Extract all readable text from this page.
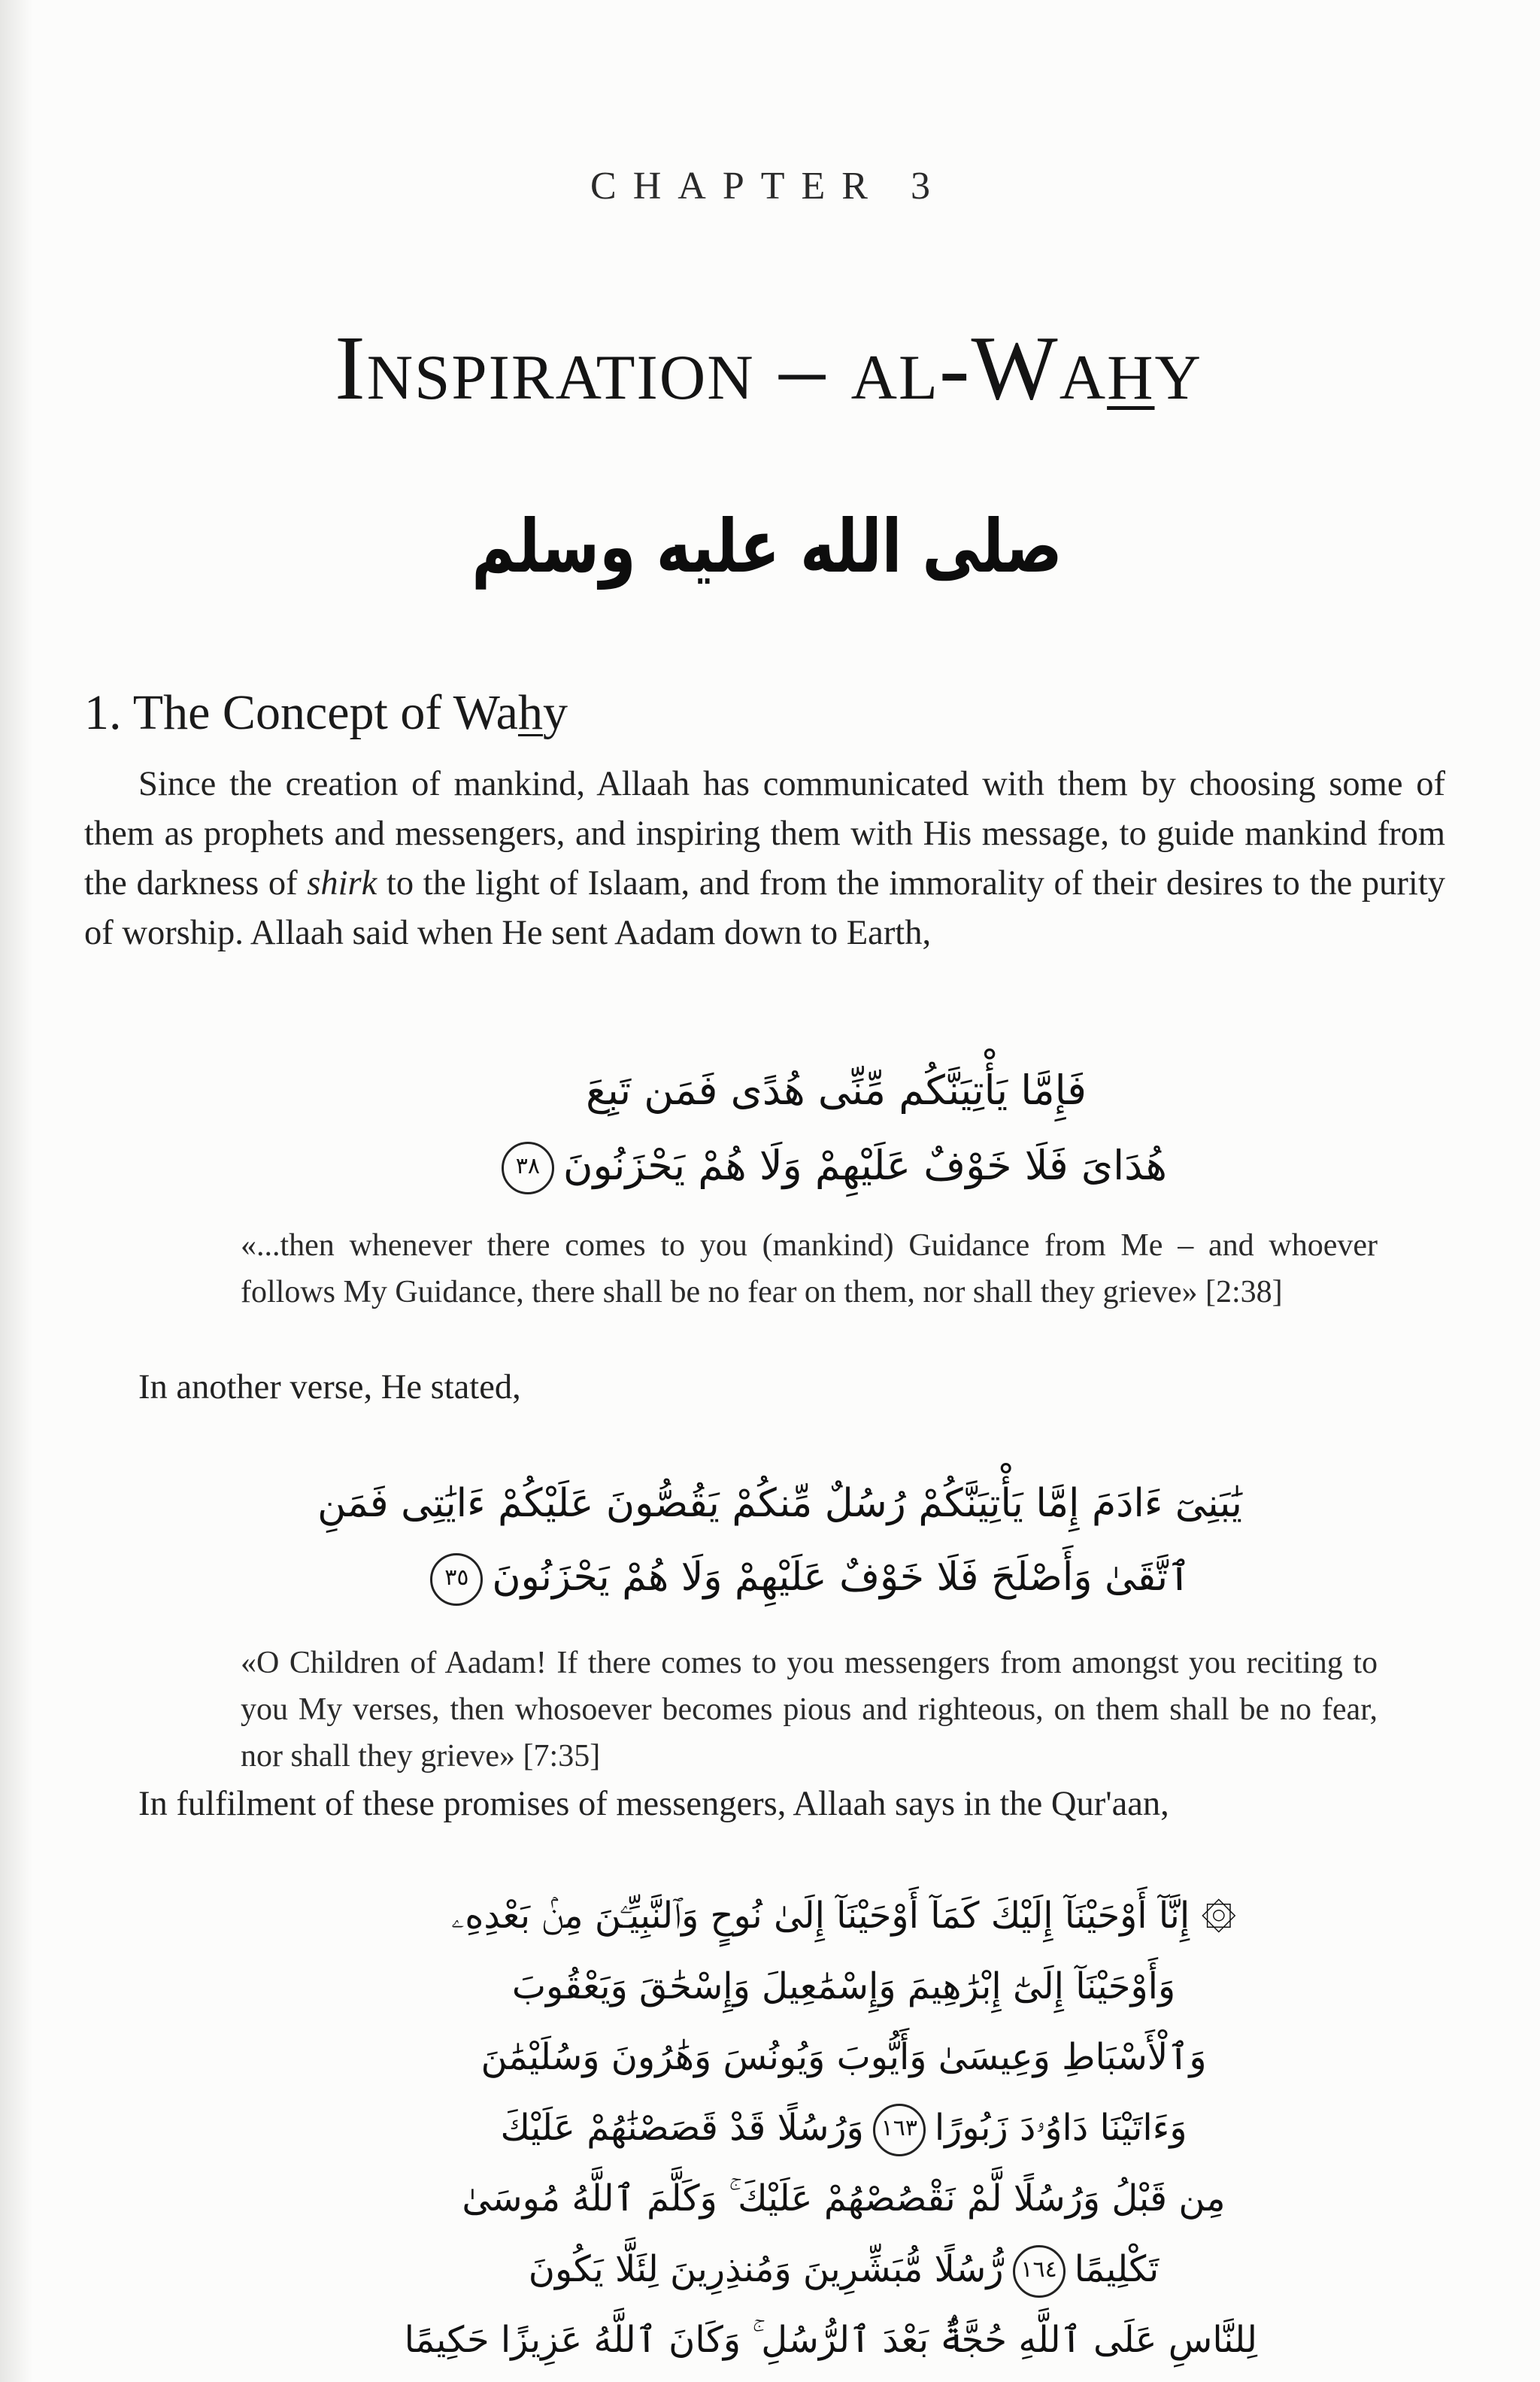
CHAPTER 3
Inspiration – al-Wahy
صلى الله عليه وسلم
1. The Concept of Wahy
Since the creation of mankind, Allaah has communicated with them by choosing some of them as prophets and messengers, and inspiring them with His message, to guide mankind from the darkness of shirk to the light of Islaam, and from the immorality of their desires to the purity of worship. Allaah said when He sent Aadam down to Earth,
فَإِمَّا يَأْتِيَنَّكُم مِّنِّى هُدًى فَمَن تَبِعَ
هُدَاىَ فَلَا خَوْفٌ عَلَيْهِمْ وَلَا هُمْ يَحْزَنُونَ٣٨
«...then whenever there comes to you (mankind) Guidance from Me – and whoever follows My Guidance, there shall be no fear on them, nor shall they grieve» [2:38]
In another verse, He stated,
يَٰبَنِىٓ ءَادَمَ إِمَّا يَأْتِيَنَّكُمْ رُسُلٌ مِّنكُمْ يَقُصُّونَ عَلَيْكُمْ ءَايَٰتِى فَمَنِ
ٱتَّقَىٰ وَأَصْلَحَ فَلَا خَوْفٌ عَلَيْهِمْ وَلَا هُمْ يَحْزَنُونَ٣٥
«O Children of Aadam! If there comes to you messengers from amongst you reciting to you My verses, then whosoever becomes pious and righteous, on them shall be no fear, nor shall they grieve» [7:35]
In fulfilment of these promises of messengers, Allaah says in the Qur'aan,
۞ إِنَّآ أَوْحَيْنَآ إِلَيْكَ كَمَآ أَوْحَيْنَآ إِلَىٰ نُوحٍ وَٱلنَّبِيِّـۧنَ مِنۢ بَعْدِهِۦ
وَأَوْحَيْنَآ إِلَىٰٓ إِبْرَٰهِيمَ وَإِسْمَٰعِيلَ وَإِسْحَٰقَ وَيَعْقُوبَ
وَٱلْأَسْبَاطِ وَعِيسَىٰ وَأَيُّوبَ وَيُونُسَ وَهَٰرُونَ وَسُلَيْمَٰنَ
وَءَاتَيْنَا دَاوُۥدَ زَبُورًا١٦٣وَرُسُلًا قَدْ قَصَصْنَٰهُمْ عَلَيْكَ
مِن قَبْلُ وَرُسُلًا لَّمْ نَقْصُصْهُمْ عَلَيْكَ ۚ وَكَلَّمَ ٱللَّهُ مُوسَىٰ
تَكْلِيمًا١٦٤رُّسُلًا مُّبَشِّرِينَ وَمُنذِرِينَ لِئَلَّا يَكُونَ
لِلنَّاسِ عَلَى ٱللَّهِ حُجَّةٌۢ بَعْدَ ٱلرُّسُلِ ۚ وَكَانَ ٱللَّهُ عَزِيزًا حَكِيمًا
